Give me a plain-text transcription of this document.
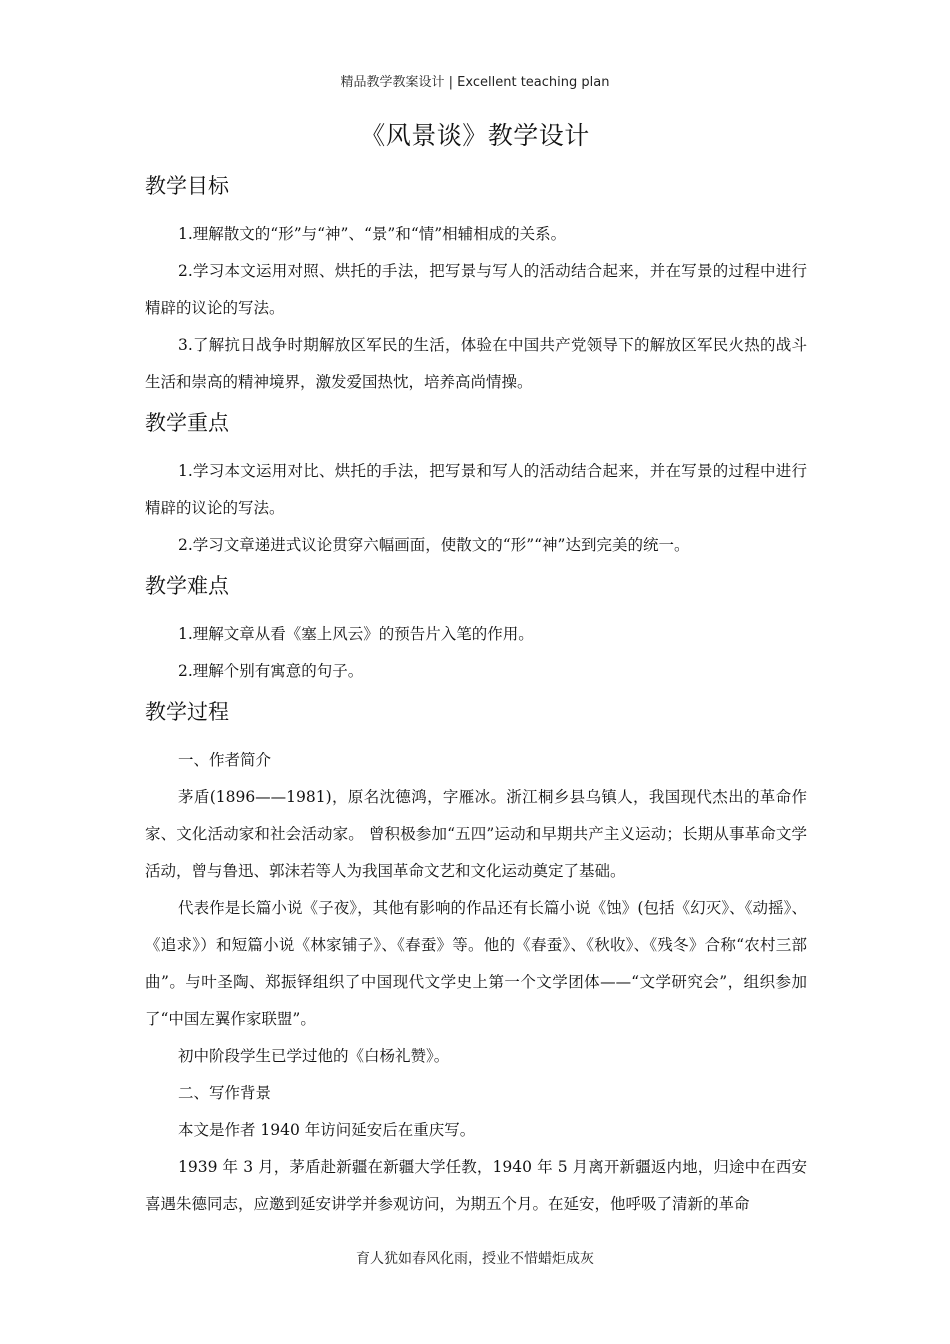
精品教学教案设计 | Excellent teaching plan
《风景谈》教学设计
教学目标

1.理解散文的“形”与“神”、“景”和“情”相辅相成的关系。

2.学习本文运用对照、烘托的手法，把写景与写人的活动结合起来，并在写景的过程中进行精辟的议论的写法。

3.了解抗日战争时期解放区军民的生活，体验在中国共产党领导下的解放区军民火热的战斗生活和崇高的精神境界，激发爱国热忱，培养高尚情操。

教学重点

1.学习本文运用对比、烘托的手法，把写景和写人的活动结合起来，并在写景的过程中进行精辟的议论的写法。

2.学习文章递进式议论贯穿六幅画面，使散文的“形”“神”达到完美的统一。

教学难点

1.理解文章从看《塞上风云》的预告片入笔的作用。

2.理解个别有寓意的句子。

教学过程

一、作者简介

茅盾(1896——1981)，原名沈德鸿，字雁冰。浙江桐乡县乌镇人，我国现代杰出的革命作家、文化活动家和社会活动家。 曾积极参加“五四”运动和早期共产主义运动；长期从事革命文学活动，曾与鲁迅、郭沫若等人为我国革命文艺和文化运动奠定了基础。

代表作是长篇小说《子夜》，其他有影响的作品还有长篇小说《蚀》(包括《幻灭》、《动摇》、《追求》）和短篇小说《林家铺子》、《春蚕》等。他的《春蚕》、《秋收》、《残冬》合称“农村三部曲”。与叶圣陶、郑振铎组织了中国现代文学史上第一个文学团体——“文学研究会”，组织参加了“中国左翼作家联盟”。

初中阶段学生已学过他的《白杨礼赞》。

二、写作背景

本文是作者 1940 年访问延安后在重庆写。

1939 年 3 月，茅盾赴新疆在新疆大学任教，1940 年 5 月离开新疆返内地，归途中在西安喜遇朱德同志，应邀到延安讲学并参观访问，为期五个月。在延安，他呼吸了清新的革命

育人犹如春风化雨，授业不惜蜡炬成灰
